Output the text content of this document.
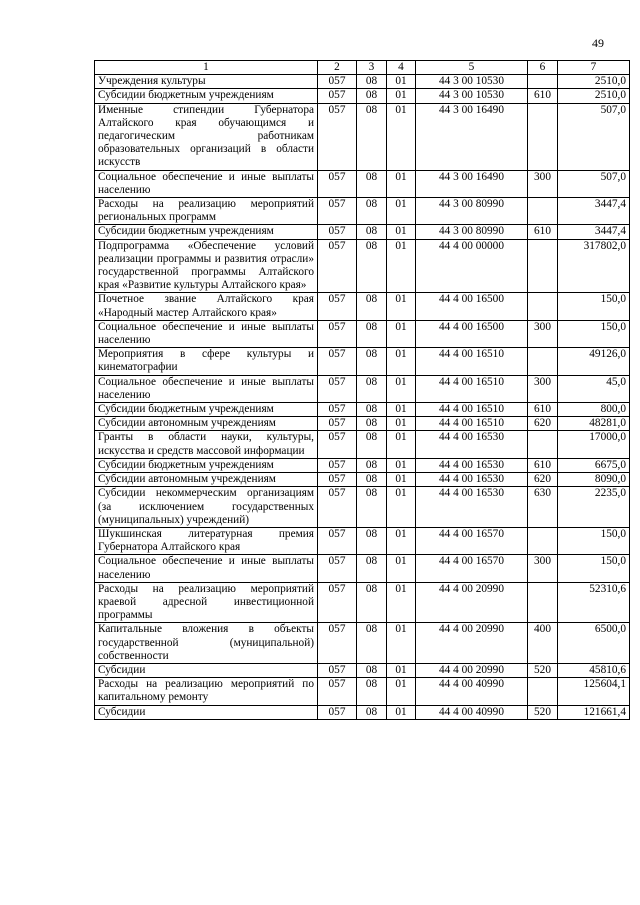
49
1	2	3	4	5	6	7
Учреждения культуры	057	08	01	44 3 00 10530		2510,0
Субсидии бюджетным учреждениям	057	08	01	44 3 00 10530	610	2510,0
Именные стипендии Губернатора Алтайского края обучающимся и педагогическим работникам образовательных организаций в области искусств	057	08	01	44 3 00 16490		507,0
Социальное обеспечение и иные выплаты населению	057	08	01	44 3 00 16490	300	507,0
Расходы на реализацию мероприятий региональных программ	057	08	01	44 3 00 80990		3447,4
Субсидии бюджетным учреждениям	057	08	01	44 3 00 80990	610	3447,4
Подпрограмма «Обеспечение условий реализации программы и развития отрасли» государственной программы Алтайского края «Развитие культуры Алтайского края»	057	08	01	44 4 00 00000		317802,0
Почетное звание Алтайского края «Народный мастер Алтайского края»	057	08	01	44 4 00 16500		150,0
Социальное обеспечение и иные выплаты населению	057	08	01	44 4 00 16500	300	150,0
Мероприятия в сфере культуры и кинематографии	057	08	01	44 4 00 16510		49126,0
Социальное обеспечение и иные выплаты населению	057	08	01	44 4 00 16510	300	45,0
Субсидии бюджетным учреждениям	057	08	01	44 4 00 16510	610	800,0
Субсидии автономным учреждениям	057	08	01	44 4 00 16510	620	48281,0
Гранты в области науки, культуры, искусства и средств массовой информации	057	08	01	44 4 00 16530		17000,0
Субсидии бюджетным учреждениям	057	08	01	44 4 00 16530	610	6675,0
Субсидии автономным учреждениям	057	08	01	44 4 00 16530	620	8090,0
Субсидии некоммерческим организациям (за исключением государственных (муниципальных) учреждений)	057	08	01	44 4 00 16530	630	2235,0
Шукшинская литературная премия Губернатора Алтайского края	057	08	01	44 4 00 16570		150,0
Социальное обеспечение и иные выплаты населению	057	08	01	44 4 00 16570	300	150,0
Расходы на реализацию мероприятий краевой адресной инвестиционной программы	057	08	01	44 4 00 20990		52310,6
Капитальные вложения в объекты государственной (муниципальной) собственности	057	08	01	44 4 00 20990	400	6500,0
Субсидии	057	08	01	44 4 00 20990	520	45810,6
Расходы на реализацию мероприятий по капитальному ремонту	057	08	01	44 4 00 40990		125604,1
Субсидии	057	08	01	44 4 00 40990	520	121661,4
